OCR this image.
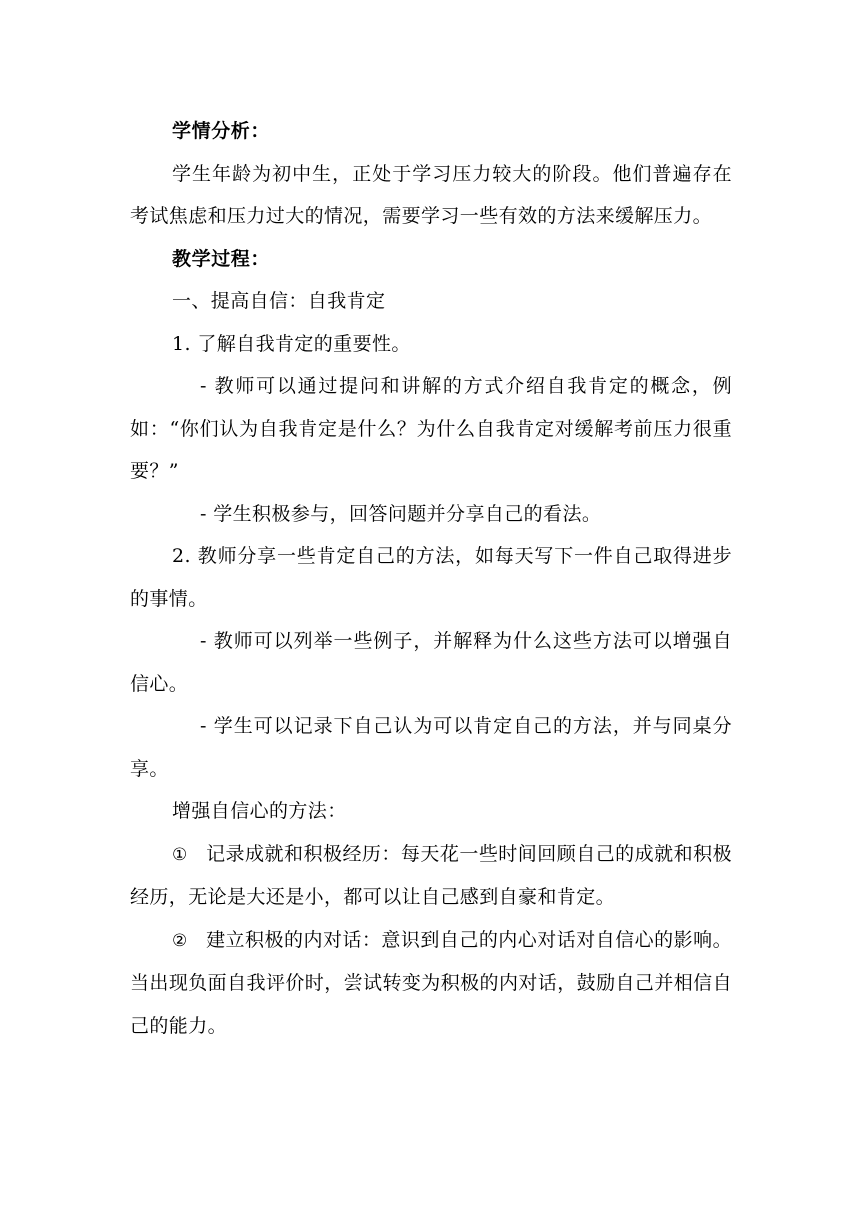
学情分析：

学生年龄为初中生，正处于学习压力较大的阶段。他们普遍存在考试焦虑和压力过大的情况，需要学习一些有效的方法来缓解压力。

教学过程：

一、提高自信：自我肯定

1. 了解自我肯定的重要性。

- 教师可以通过提问和讲解的方式介绍自我肯定的概念，例如：“你们认为自我肯定是什么？为什么自我肯定对缓解考前压力很重要？”

- 学生积极参与，回答问题并分享自己的看法。

2. 教师分享一些肯定自己的方法，如每天写下一件自己取得进步的事情。

- 教师可以列举一些例子，并解释为什么这些方法可以增强自信心。

- 学生可以记录下自己认为可以肯定自己的方法，并与同桌分享。

增强自信心的方法：

① 记录成就和积极经历：每天花一些时间回顾自己的成就和积极经历，无论是大还是小，都可以让自己感到自豪和肯定。

② 建立积极的内对话：意识到自己的内心对话对自信心的影响。当出现负面自我评价时，尝试转变为积极的内对话，鼓励自己并相信自己的能力。
